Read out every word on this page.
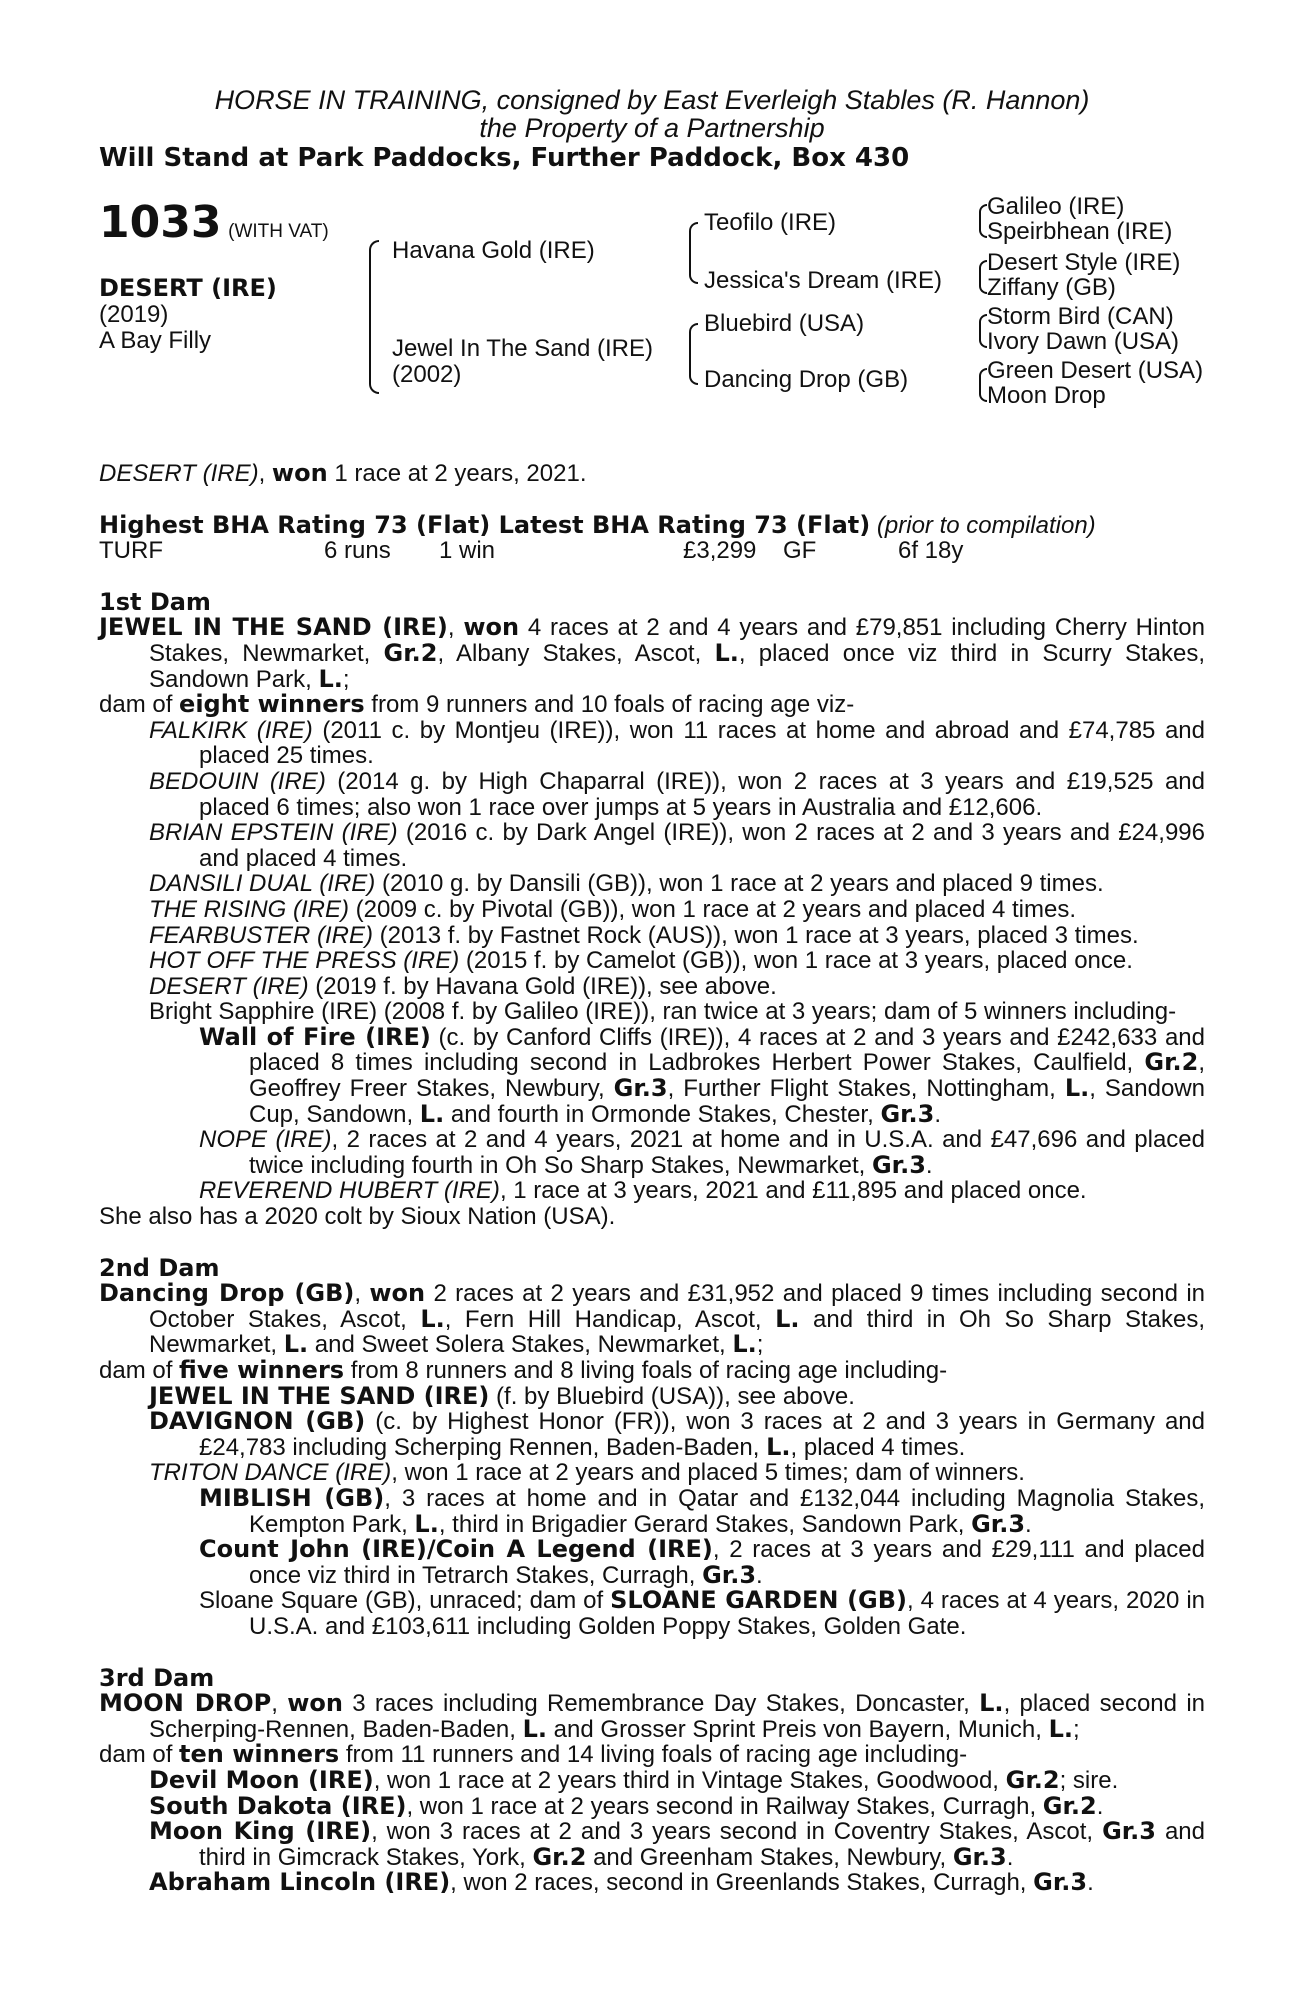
HORSE IN TRAINING, consigned by East Everleigh Stables (R. Hannon)
the Property of a Partnership
Will Stand at Park Paddocks, Further Paddock, Box 430
1033 (WITH VAT)
DESERT (IRE)
(2019)
A Bay Filly
Havana Gold (IRE)
Jewel In The Sand (IRE)
(2002)
Teofilo (IRE)
Jessica's Dream (IRE)
Bluebird (USA)
Dancing Drop (GB)
Galileo (IRE)
Speirbhean (IRE)
Desert Style (IRE)
Ziffany (GB)
Storm Bird (CAN)
Ivory Dawn (USA)
Green Desert (USA)
Moon Drop

DESERT (IRE), won 1 race at 2 years, 2021.

Highest BHA Rating 73 (Flat) Latest BHA Rating 73 (Flat) (prior to compilation)
TURF	6 runs	1 win	£3,299	GF	6f 18y
1st Dam

JEWEL IN THE SAND (IRE), won 4 races at 2 and 4 years and £79,851 including Cherry Hinton Stakes, Newmarket, Gr.2, Albany Stakes, Ascot, L., placed once viz third in Scurry Stakes, Sandown Park, L.;

dam of eight winners from 9 runners and 10 foals of racing age viz-

FALKIRK (IRE) (2011 c. by Montjeu (IRE)), won 11 races at home and abroad and £74,785 and placed 25 times.

BEDOUIN (IRE) (2014 g. by High Chaparral (IRE)), won 2 races at 3 years and £19,525 and placed 6 times; also won 1 race over jumps at 5 years in Australia and £12,606.

BRIAN EPSTEIN (IRE) (2016 c. by Dark Angel (IRE)), won 2 races at 2 and 3 years and £24,996 and placed 4 times.

DANSILI DUAL (IRE) (2010 g. by Dansili (GB)), won 1 race at 2 years and placed 9 times.

THE RISING (IRE) (2009 c. by Pivotal (GB)), won 1 race at 2 years and placed 4 times.

FEARBUSTER (IRE) (2013 f. by Fastnet Rock (AUS)), won 1 race at 3 years, placed 3 times.

HOT OFF THE PRESS (IRE) (2015 f. by Camelot (GB)), won 1 race at 3 years, placed once.

DESERT (IRE) (2019 f. by Havana Gold (IRE)), see above.

Bright Sapphire (IRE) (2008 f. by Galileo (IRE)), ran twice at 3 years; dam of 5 winners including-

Wall of Fire (IRE) (c. by Canford Cliffs (IRE)), 4 races at 2 and 3 years and £242,633 and placed 8 times including second in Ladbrokes Herbert Power Stakes, Caulfield, Gr.2, Geoffrey Freer Stakes, Newbury, Gr.3, Further Flight Stakes, Nottingham, L., Sandown Cup, Sandown, L. and fourth in Ormonde Stakes, Chester, Gr.3.

NOPE (IRE), 2 races at 2 and 4 years, 2021 at home and in U.S.A. and £47,696 and placed twice including fourth in Oh So Sharp Stakes, Newmarket, Gr.3.

REVEREND HUBERT (IRE), 1 race at 3 years, 2021 and £11,895 and placed once.

She also has a 2020 colt by Sioux Nation (USA).

2nd Dam

Dancing Drop (GB), won 2 races at 2 years and £31,952 and placed 9 times including second in October Stakes, Ascot, L., Fern Hill Handicap, Ascot, L. and third in Oh So Sharp Stakes, Newmarket, L. and Sweet Solera Stakes, Newmarket, L.;

dam of five winners from 8 runners and 8 living foals of racing age including-

JEWEL IN THE SAND (IRE) (f. by Bluebird (USA)), see above.

DAVIGNON (GB) (c. by Highest Honor (FR)), won 3 races at 2 and 3 years in Germany and £24,783 including Scherping Rennen, Baden-Baden, L., placed 4 times.

TRITON DANCE (IRE), won 1 race at 2 years and placed 5 times; dam of winners.

MIBLISH (GB), 3 races at home and in Qatar and £132,044 including Magnolia Stakes, Kempton Park, L., third in Brigadier Gerard Stakes, Sandown Park, Gr.3.

Count John (IRE)/Coin A Legend (IRE), 2 races at 3 years and £29,111 and placed once viz third in Tetrarch Stakes, Curragh, Gr.3.

Sloane Square (GB), unraced; dam of SLOANE GARDEN (GB), 4 races at 4 years, 2020 in U.S.A. and £103,611 including Golden Poppy Stakes, Golden Gate.

3rd Dam

MOON DROP, won 3 races including Remembrance Day Stakes, Doncaster, L., placed second in Scherping-Rennen, Baden-Baden, L. and Grosser Sprint Preis von Bayern, Munich, L.;

dam of ten winners from 11 runners and 14 living foals of racing age including-

Devil Moon (IRE), won 1 race at 2 years third in Vintage Stakes, Goodwood, Gr.2; sire.

South Dakota (IRE), won 1 race at 2 years second in Railway Stakes, Curragh, Gr.2.

Moon King (IRE), won 3 races at 2 and 3 years second in Coventry Stakes, Ascot, Gr.3 and third in Gimcrack Stakes, York, Gr.2 and Greenham Stakes, Newbury, Gr.3.

Abraham Lincoln (IRE), won 2 races, second in Greenlands Stakes, Curragh, Gr.3.
